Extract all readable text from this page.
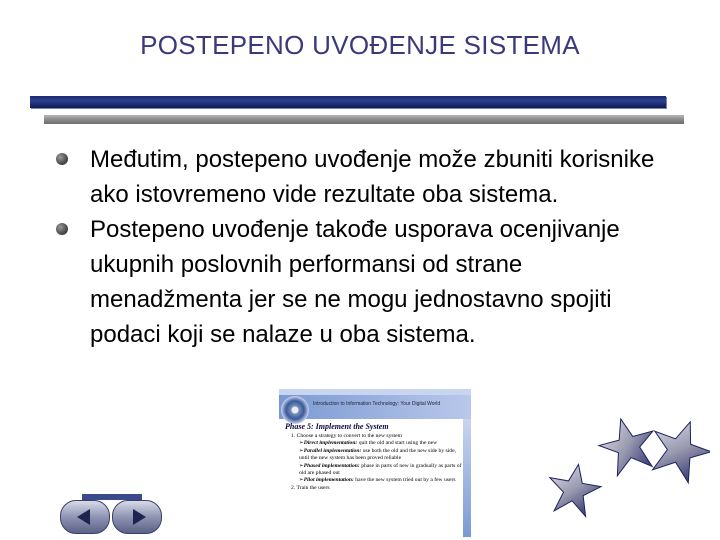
POSTEPENO UVOĐENJE SISTEMA

Međutim, postepeno uvođenje može zbuniti korisnike ako istovremeno vide rezultate oba sistema.

Postepeno uvođenje takođe usporava ocenjivanje ukupnih poslovnih performansi od strane menadžmenta jer se ne mogu jednostavno spojiti podaci koji se nalaze u oba sistema.

Introduction to Information Technology: Your Digital World
Phase 5: Implement the System
1. Choose a strategy to convert to the new system
➢Direct implementation: quit the old and start using the new
➢Parallel implementation: use both the old and the new side by side, until the new system has been proved reliable
➢Phased implementation: phase in parts of new in gradually as parts of old are phased out
➢Pilot implementation: have the new system tried out by a few users
2. Train the users
